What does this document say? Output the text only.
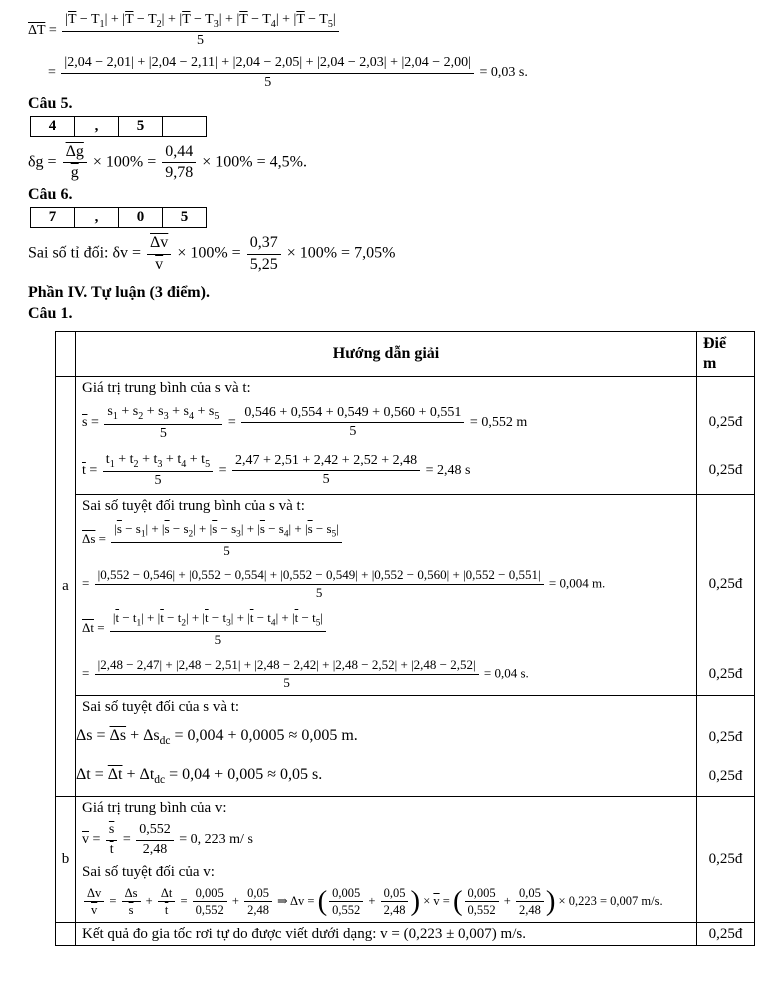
$\overline{\Delta T} = \frac{|\overline{T} - T_1| + |\overline{T} - T_2| + |\overline{T} - T_3| + |\overline{T} - T_4| + |\overline{T} - T_5|}{5}$
=
|2,04 − 2,01| + |2,04 − 2,11| + |2,04 − 2,05| + |2,04 − 2,03| + |2,04 − 2,00|
5
= 0,03 s.
Câu 5.
4	,	5
$\delta g = \frac{\overline{\Delta g}}{g} \times 100\% = \frac{0,44}{9,78} \times 100\% = 4,5\%$.
Câu 6.
7	,	0	5
Sai số tỉ đối: $\delta v = \frac{\overline{\Delta v}}{v} \times 100\% = \frac{0,37}{5,25} \times 100\% = 7,05\%$
Phần IV. Tự luận (3 điểm).
Câu 1.
Hướng dẫn giải
Điểm
a
Giá trị trung bình của s và t:
$\overline{s} = \frac{s_1 + s_2 + s_3 + s_4 + s_5}{5} = \frac{0,546 + 0,554 + 0,549 + 0,560 + 0,551}{5} = 0,552$ m	0,25đ
$\overline{t} = \frac{t_1 + t_2 + t_3 + t_4 + t_5}{5} = \frac{2,47 + 2,51 + 2,42 + 2,52 + 2,48}{5} = 2,48$ s	0,25đ
Sai số tuyệt đối trung bình của s và t:
$\overline{\Delta s} = \frac{|\overline{s} - s_1| + |\overline{s} - s_2| + |\overline{s} - s_3| + |\overline{s} - s_4| + |\overline{s} - s_5|}{5}$
=
|0,552 − 0,546| + |0,552 − 0,554| + |0,552 − 0,549| + |0,552 − 0,560| + |0,552 − 0,551|
5
= 0,004 m.	0,25đ
$\overline{\Delta t} = \frac{|\overline{t} - t_1| + |\overline{t} - t_2| + |\overline{t} - t_3| + |\overline{t} - t_4| + |\overline{t} - t_5|}{5}$
=
|2,48 − 2,47| + |2,48 − 2,51| + |2,48 − 2,42| + |2,48 − 2,52| + |2,48 − 2,52|
5
= 0,04 s.	0,25đ
Sai số tuyệt đối của s và t:
$\Delta s = \overline{\Delta s} + \Delta s_{dc} = 0,004 + 0,0005 \approx 0,005$ m.	0,25đ
$\Delta t = \overline{\Delta t} + \Delta t_{dc} = 0,04 + 0,005 \approx 0,05$ s.	0,25đ
b
Giá trị trung bình của v:
$\overline{v} = \frac{\overline{s}}{t} = \frac{0,552}{2,48} = 0$, 223 m/ s
Sai số tuyệt đối của v:
$\frac{\Delta v}{v} = \frac{\Delta s}{s} + \frac{\Delta t}{t} = \frac{0,005}{0,552} + \frac{0,05}{2,48}$ ⇒ Δv = ( $\frac{0,005}{0,552} + \frac{0,05}{2,48}$ ) × $\overline{v}$ = ( $\frac{0,005}{0,552} + \frac{0,05}{2,48}$ ) × 0,223 = 0,007 m/s.
0,25đ
Kết quả đo gia tốc rơi tự do được viết dưới dạng: v = (0,223 ± 0,007) m/s.	0,25đ
